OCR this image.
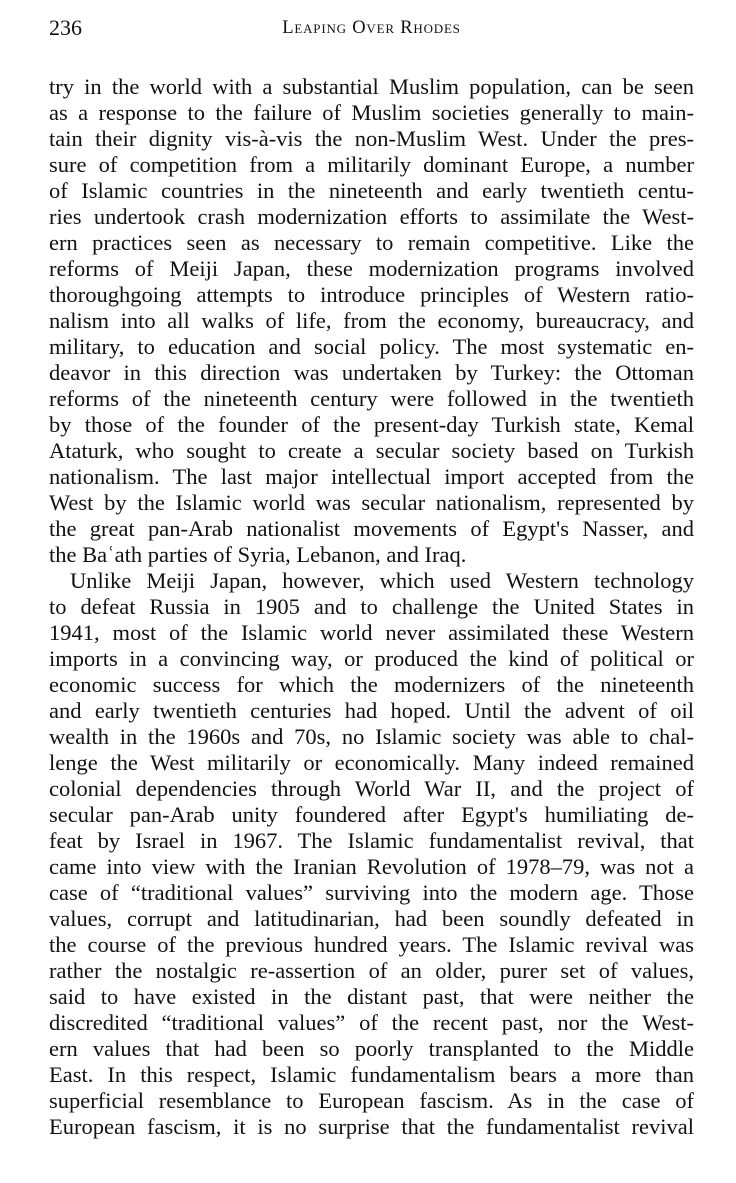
236	Leaping Over Rhodes
try in the world with a substantial Muslim population, can be seen
as a response to the failure of Muslim societies generally to main-
tain their dignity vis-à-vis the non-Muslim West. Under the pres-
sure of competition from a militarily dominant Europe, a number
of Islamic countries in the nineteenth and early twentieth centu-
ries undertook crash modernization efforts to assimilate the West-
ern practices seen as necessary to remain competitive. Like the
reforms of Meiji Japan, these modernization programs involved
thoroughgoing attempts to introduce principles of Western ratio-
nalism into all walks of life, from the economy, bureaucracy, and
military, to education and social policy. The most systematic en-
deavor in this direction was undertaken by Turkey: the Ottoman
reforms of the nineteenth century were followed in the twentieth
by those of the founder of the present-day Turkish state, Kemal
Ataturk, who sought to create a secular society based on Turkish
nationalism. The last major intellectual import accepted from the
West by the Islamic world was secular nationalism, represented by
the great pan-Arab nationalist movements of Egypt's Nasser, and
the Baʿath parties of Syria, Lebanon, and Iraq.
Unlike Meiji Japan, however, which used Western technology
to defeat Russia in 1905 and to challenge the United States in
1941, most of the Islamic world never assimilated these Western
imports in a convincing way, or produced the kind of political or
economic success for which the modernizers of the nineteenth
and early twentieth centuries had hoped. Until the advent of oil
wealth in the 1960s and 70s, no Islamic society was able to chal-
lenge the West militarily or economically. Many indeed remained
colonial dependencies through World War II, and the project of
secular pan-Arab unity foundered after Egypt's humiliating de-
feat by Israel in 1967. The Islamic fundamentalist revival, that
came into view with the Iranian Revolution of 1978–79, was not a
case of “traditional values” surviving into the modern age. Those
values, corrupt and latitudinarian, had been soundly defeated in
the course of the previous hundred years. The Islamic revival was
rather the nostalgic re-assertion of an older, purer set of values,
said to have existed in the distant past, that were neither the
discredited “traditional values” of the recent past, nor the West-
ern values that had been so poorly transplanted to the Middle
East. In this respect, Islamic fundamentalism bears a more than
superficial resemblance to European fascism. As in the case of
European fascism, it is no surprise that the fundamentalist revival
